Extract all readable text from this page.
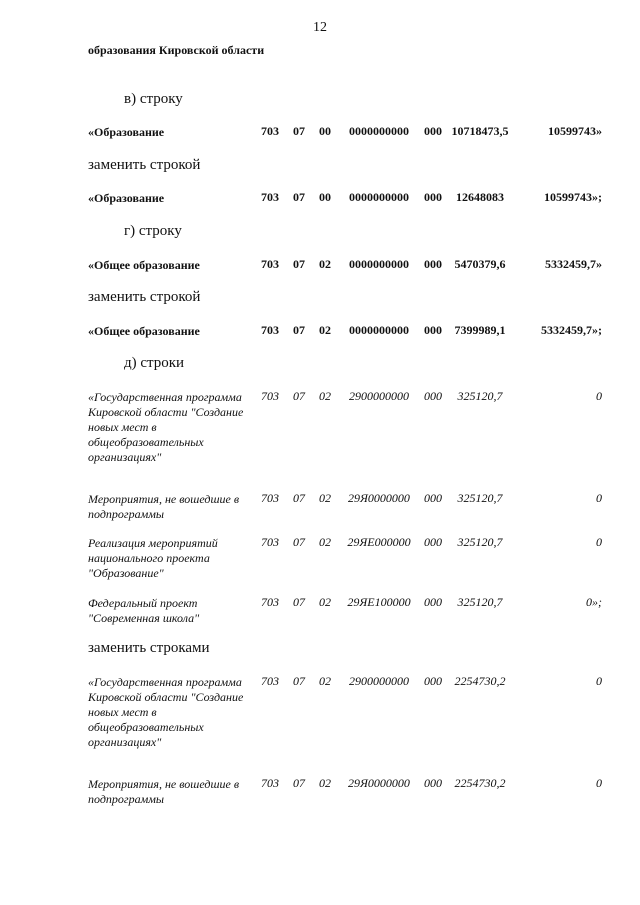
12
образования Кировской области
в) строку
«Образование	703 07 00	0000000000	000 10718473,5	10599743»
заменить строкой
«Образование	703 07 00	0000000000	000	12648083	10599743»;
г) строку
«Общее образование	703 07 02	0000000000	000	5470379,6	5332459,7»
заменить строкой
«Общее образование	703 07 02	0000000000	000	7399989,1	5332459,7»;
д) строки
«Государственная программа Кировской области "Создание новых мест в общеобразовательных организациях"
703 07 02	2900000000	000	325120,7	0
Мероприятия, не вошедшие в подпрограммы
703 07 02	29Я0000000	000	325120,7	0
Реализация мероприятий национального проекта "Образование"
703 07 02	29ЯЕ000000	000	325120,7	0
Федеральный проект "Современная школа"
703 07 02	29ЯЕ100000	000	325120,7	0»;
заменить строками
«Государственная программа Кировской области "Создание новых мест в общеобразовательных организациях"
703 07 02	2900000000	000	2254730,2	0
Мероприятия, не вошедшие в подпрограммы
703 07 02	29Я0000000	000	2254730,2	0
